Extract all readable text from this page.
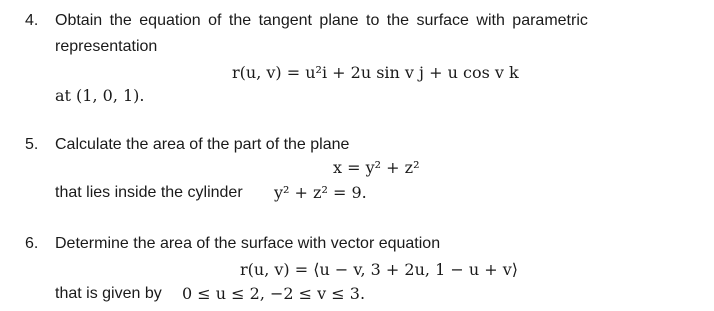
4. Obtain the equation of the tangent plane to the surface with parametric
representation
r(u, v) = u²i + 2u sin v j + u cos v k
at (1, 0, 1).
5. Calculate the area of the part of the plane
x = y² + z²
that lies inside the cylinder y² + z² = 9.
6. Determine the area of the surface with vector equation
r(u, v) = ⟨u − v, 3 + 2u, 1 − u + v⟩
that is given by 0 ≤ u ≤ 2, −2 ≤ v ≤ 3.
